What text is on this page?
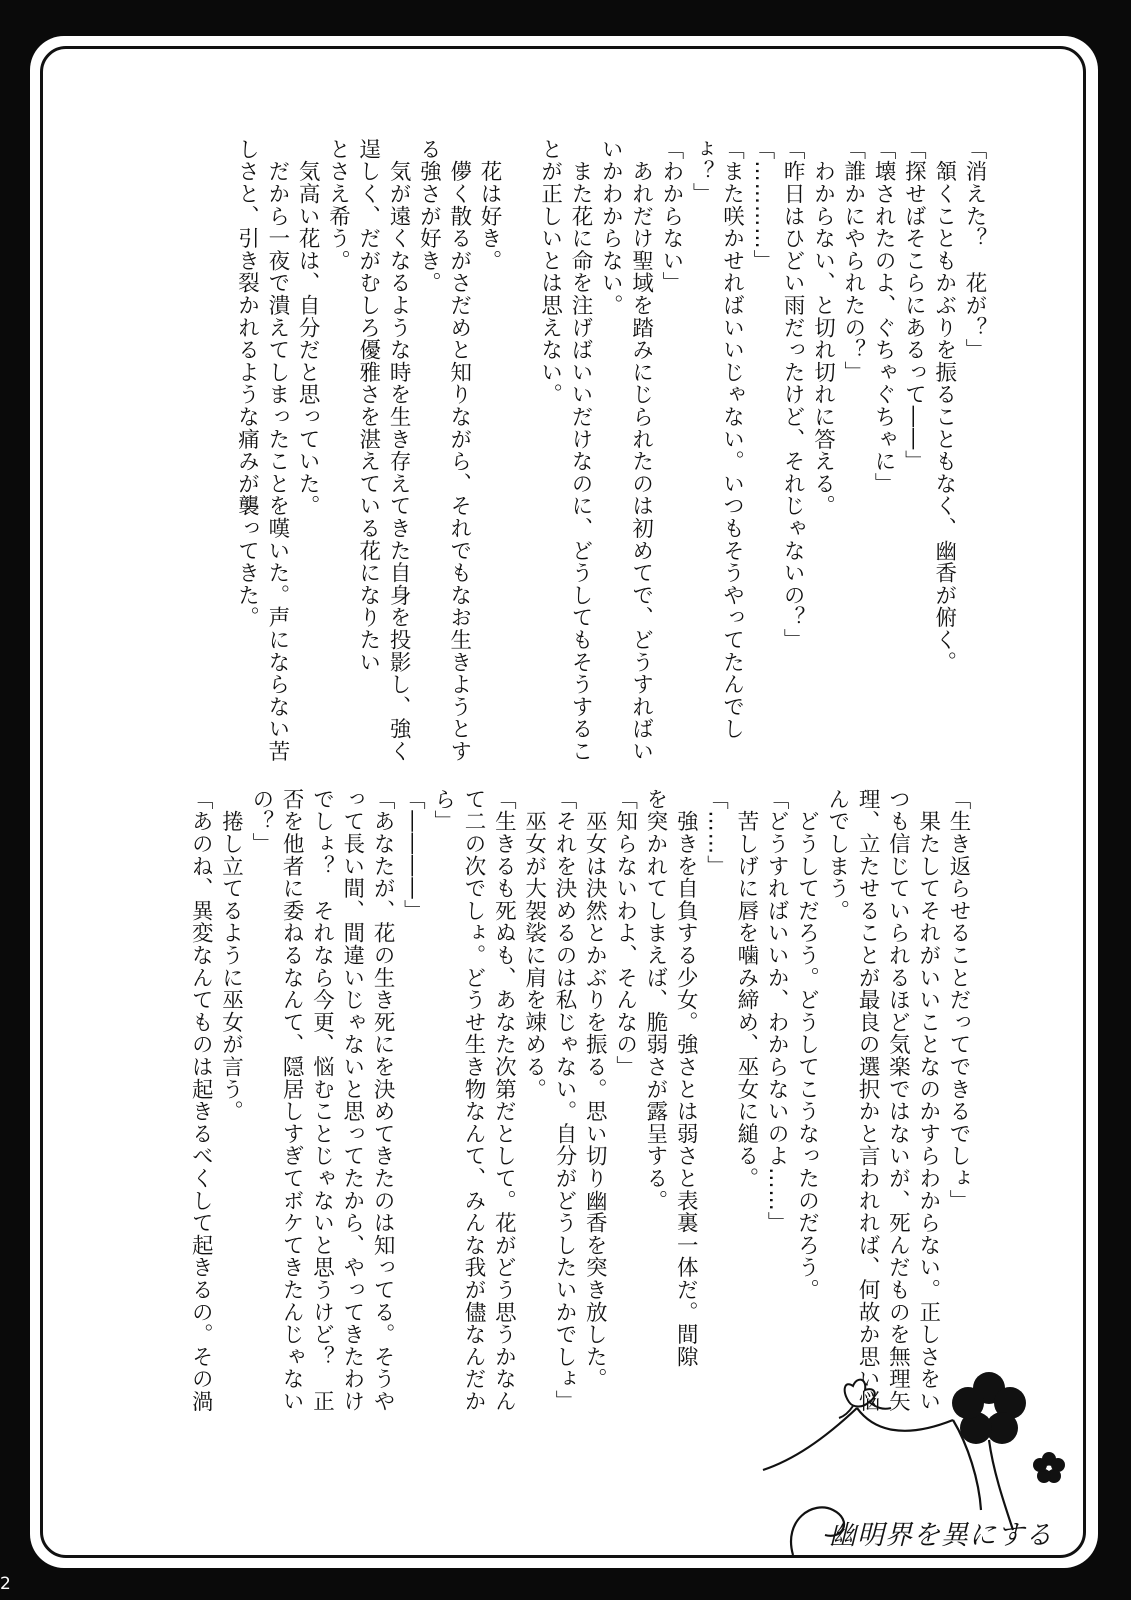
「消えた？　花が？」

　頷くこともかぶりを振ることもなく、幽香が俯く。

「探せばそこらにあるって――」

「壊されたのよ、ぐちゃぐちゃに」

「誰かにやられたの？」

　わからない、と切れ切れに答える。

「昨日はひどい雨だったけど、それじゃないの？」

「…………」

「また咲かせればいいじゃない。いつもそうやってたんでし

ょ？」

「わからない」

　あれだけ聖域を踏みにじられたのは初めてで、どうすればい

いかわからない。

　また花に命を注げばいいだけなのに、どうしてもそうするこ

とが正しいとは思えない。

　花は好き。

　儚く散るがさだめと知りながら、それでもなお生きようとす

る強さが好き。

　気が遠くなるような時を生き存えてきた自身を投影し、強く

逞しく、だがむしろ優雅さを湛えている花になりたい

とさえ希う。

　気高い花は、自分だと思っていた。

　だから一夜で潰えてしまったことを嘆いた。声にならない苦

しさと、引き裂かれるような痛みが襲ってきた。

「生き返らせることだってできるでしょ」

　果たしてそれがいいことなのかすらわからない。正しさをい

つも信じていられるほど気楽ではないが、死んだものを無理矢

理、立たせることが最良の選択かと言われれば、何故か思い悩

んでしまう。

　どうしてだろう。どうしてこうなったのだろう。

「どうすればいいか、わからないのよ……」

　苦しげに唇を噛み締め、巫女に縋る。

「……」

　強きを自負する少女。強さとは弱さと表裏一体だ。間隙

を突かれてしまえば、脆弱さが露呈する。

「知らないわよ、そんなの」

　巫女は決然とかぶりを振る。思い切り幽香を突き放した。

「それを決めるのは私じゃない。自分がどうしたいかでしょ」

　巫女が大袈裟に肩を竦める。

「生きるも死ぬも、あなた次第だとして。花がどう思うかなん

て二の次でしょ。どうせ生き物なんて、みんな我が儘なんだか

ら」

「――――」

「あなたが、花の生き死にを決めてきたのは知ってる。そうや

って長い間、間違いじゃないと思ってたから、やってきたわけ

でしょ？　それなら今更、悩むことじゃないと思うけど？　正

否を他者に委ねるなんて、隠居しすぎてボケてきたんじゃない

の？」

　捲し立てるように巫女が言う。

「あのね、異変なんてものは起きるべくして起きるの。その渦

幽明界を異にする
2
